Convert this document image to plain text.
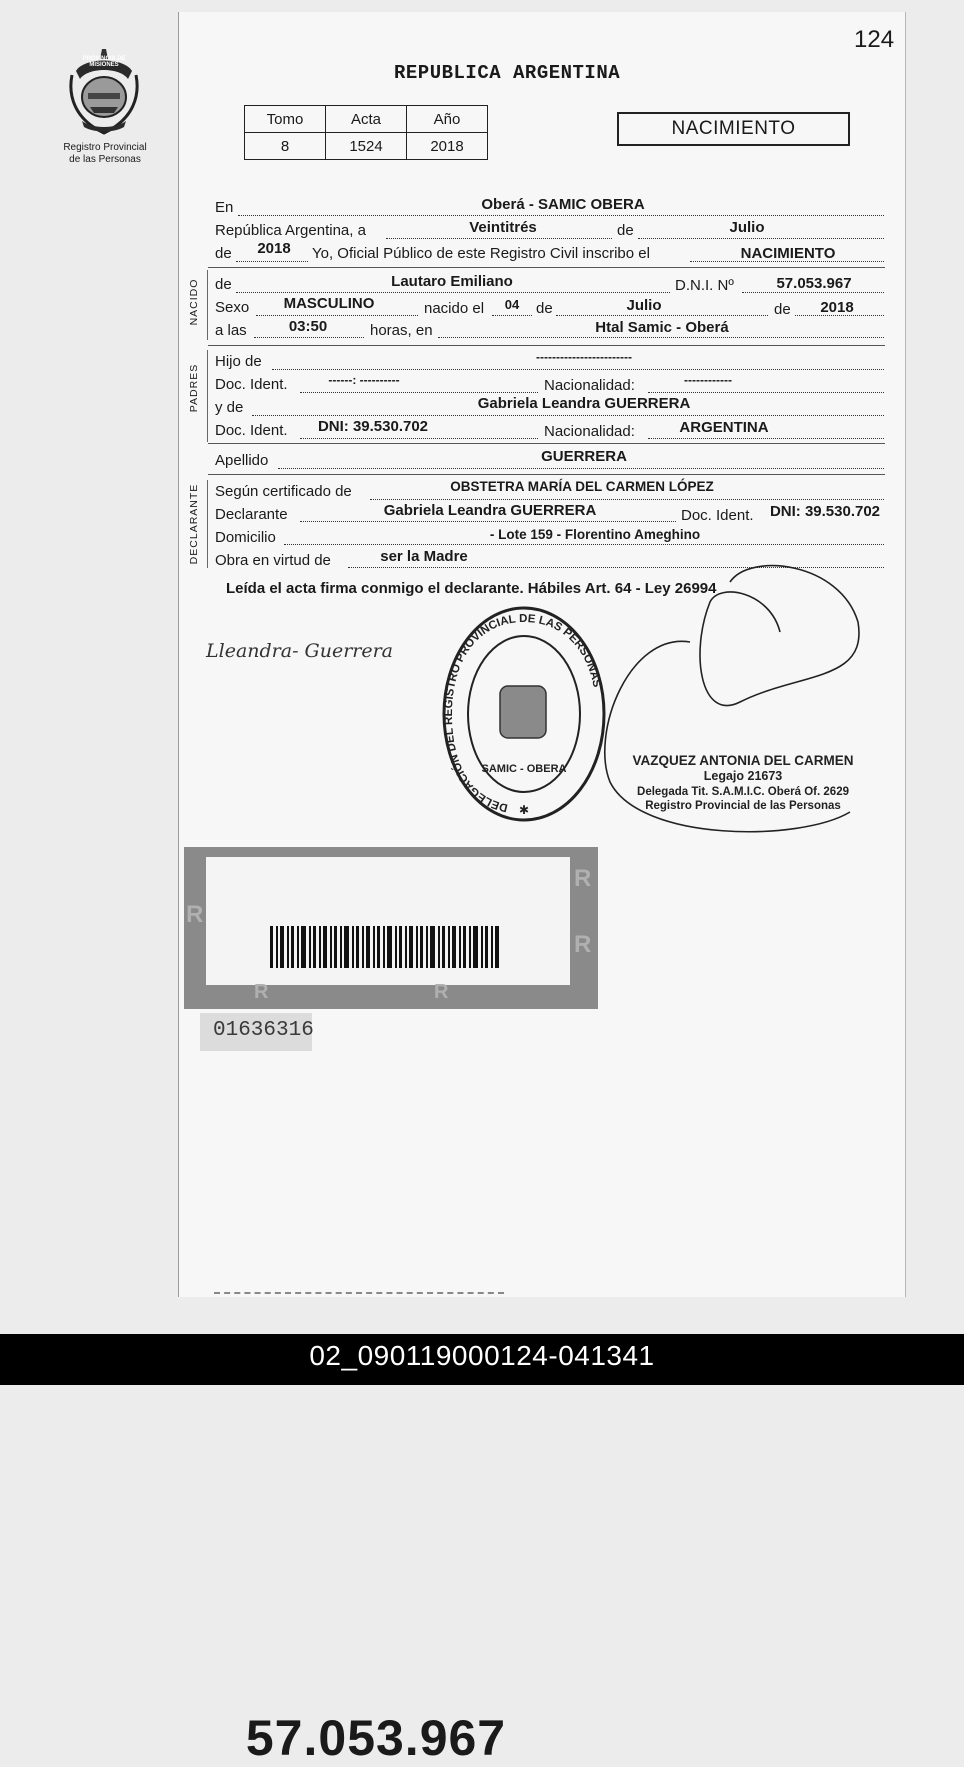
124
PROVINCIA DE MISIONES
Registro Provincial
de las Personas
REPUBLICA ARGENTINA
Tomo	Acta	Año
8	1524	2018
NACIMIENTO
En	Oberá - SAMIC OBERA
República Argentina, a	Veintitrés	de	Julio
de 2018 Yo, Oficial Público de este Registro Civil inscribo el	NACIMIENTO
NACIDO de	Lautaro Emiliano	D.N.I. Nº	57.053.967
Sexo MASCULINO	nacido el 04 de	Julio	de 2018
a las	03:50	horas, en	Htal Samic - Oberá
PADRES
Hijo de	------------------------
Doc. Ident.	------: ----------	Nacionalidad:	------------
y de	Gabriela Leandra GUERRERA
Doc. Ident. DNI: 39.530.702	Nacionalidad:	ARGENTINA
Apellido	GUERRERA
DECLARANTE Según certificado de	OBSTETRA MARÍA DEL CARMEN LÓPEZ
Declarante	Gabriela Leandra GUERRERA	Doc. Ident. DNI: 39.530.702
Domicilio	- Lote 159 - Florentino Ameghino
Obra en virtud de	ser la Madre
Leída el acta firma conmigo el declarante. Hábiles Art. 64 - Ley 26994
Lleandra- Guerrera
DELEGACIÓN DEL REGISTRO PROVINCIAL DE LAS PERSONAS
SAMIC - OBERA
✱
VAZQUEZ ANTONIA DEL CARMEN
Legajo 21673
Delegada Tit. S.A.M.I.C. Oberá Of. 2629
Registro Provincial de las Personas
R
R
R
R	R
57.053.967
01636316
02_090119000124-041341
